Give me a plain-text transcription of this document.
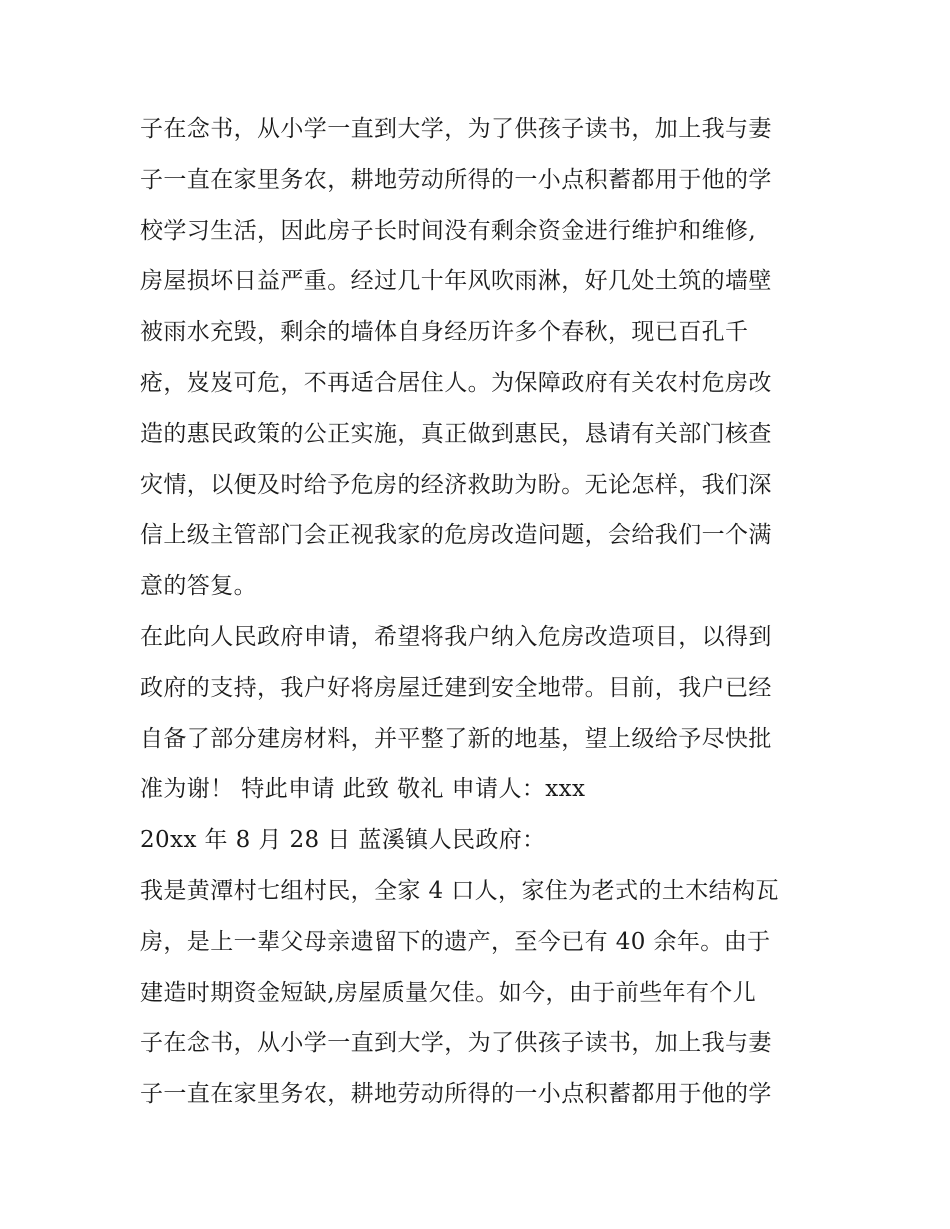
子在念书，从小学一直到大学，为了供孩子读书，加上我与妻
子一直在家里务农，耕地劳动所得的一小点积蓄都用于他的学
校学习生活，因此房子长时间没有剩余资金进行维护和维修,
房屋损坏日益严重。经过几十年风吹雨淋，好几处土筑的墙壁
被雨水充毁，剩余的墙体自身经历许多个春秋，现已百孔千
疮，岌岌可危，不再适合居住人。为保障政府有关农村危房改
造的惠民政策的公正实施，真正做到惠民，恳请有关部门核查
灾情，以便及时给予危房的经济救助为盼。无论怎样，我们深
信上级主管部门会正视我家的危房改造问题，会给我们一个满
意的答复。
在此向人民政府申请，希望将我户纳入危房改造项目，以得到
政府的支持，我户好将房屋迁建到安全地带。目前，我户已经
自备了部分建房材料，并平整了新的地基，望上级给予尽快批
准为谢！ 特此申请 此致 敬礼 申请人：xxx
20xx 年 8 月 28 日 蓝溪镇人民政府：
我是黄潭村七组村民，全家 4 口人，家住为老式的土木结构瓦
房，是上一辈父母亲遗留下的遗产，至今已有 40 余年。由于
建造时期资金短缺,房屋质量欠佳。如今，由于前些年有个儿
子在念书，从小学一直到大学，为了供孩子读书，加上我与妻
子一直在家里务农，耕地劳动所得的一小点积蓄都用于他的学
